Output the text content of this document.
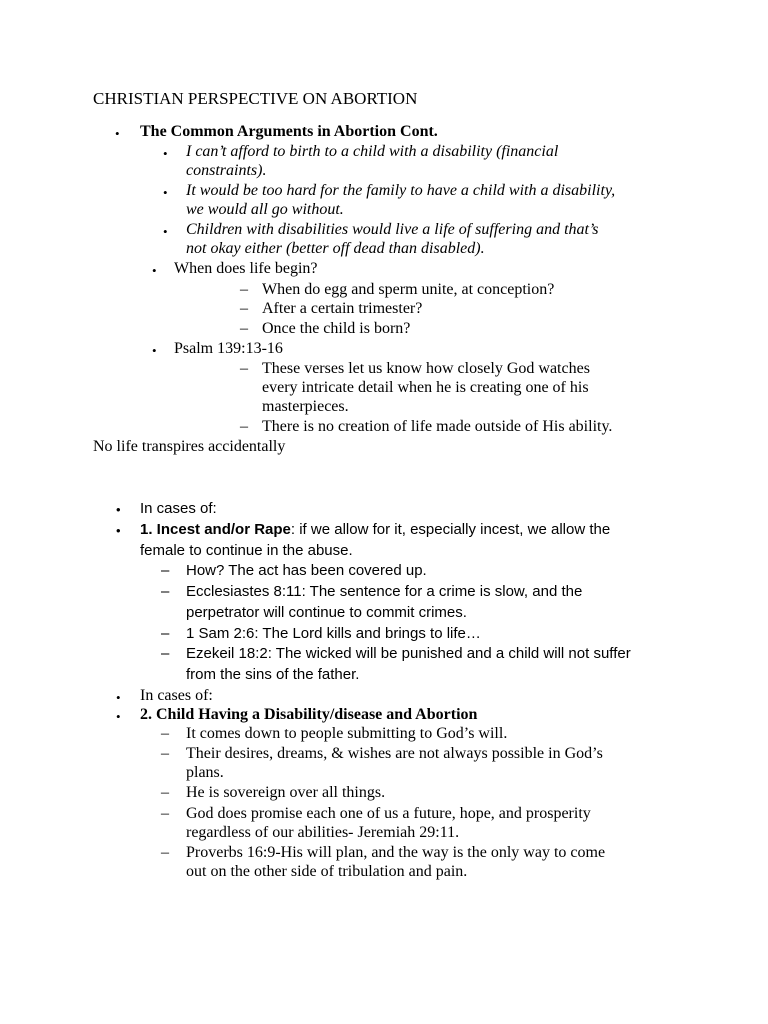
CHRISTIAN PERSPECTIVE ON ABORTION
• The Common Arguments in Abortion Cont.
• I can’t afford to birth to a child with a disability (financial
constraints).
• It would be too hard for the family to have a child with a disability,
we would all go without.
• Children with disabilities would live a life of suffering and that’s
not okay either (better off dead than disabled).
• When does life begin?
– When do egg and sperm unite, at conception?
– After a certain trimester?
– Once the child is born?
• Psalm 139:13-16
– These verses let us know how closely God watches
every intricate detail when he is creating one of his
masterpieces.
– There is no creation of life made outside of His ability.
No life transpires accidentally
• In cases of:
• 1. Incest and/or Rape: if we allow for it, especially incest, we allow the
female to continue in the abuse.
– How? The act has been covered up.
– Ecclesiastes 8:11: The sentence for a crime is slow, and the
perpetrator will continue to commit crimes.
– 1 Sam 2:6: The Lord kills and brings to life…
– Ezekeil 18:2: The wicked will be punished and a child will not suffer
from the sins of the father.
• In cases of:
• 2. Child Having a Disability/disease and Abortion
– It comes down to people submitting to God’s will.
– Their desires, dreams, & wishes are not always possible in God’s
plans.
– He is sovereign over all things.
– God does promise each one of us a future, hope, and prosperity
regardless of our abilities- Jeremiah 29:11.
– Proverbs 16:9-His will plan, and the way is the only way to come
out on the other side of tribulation and pain.
